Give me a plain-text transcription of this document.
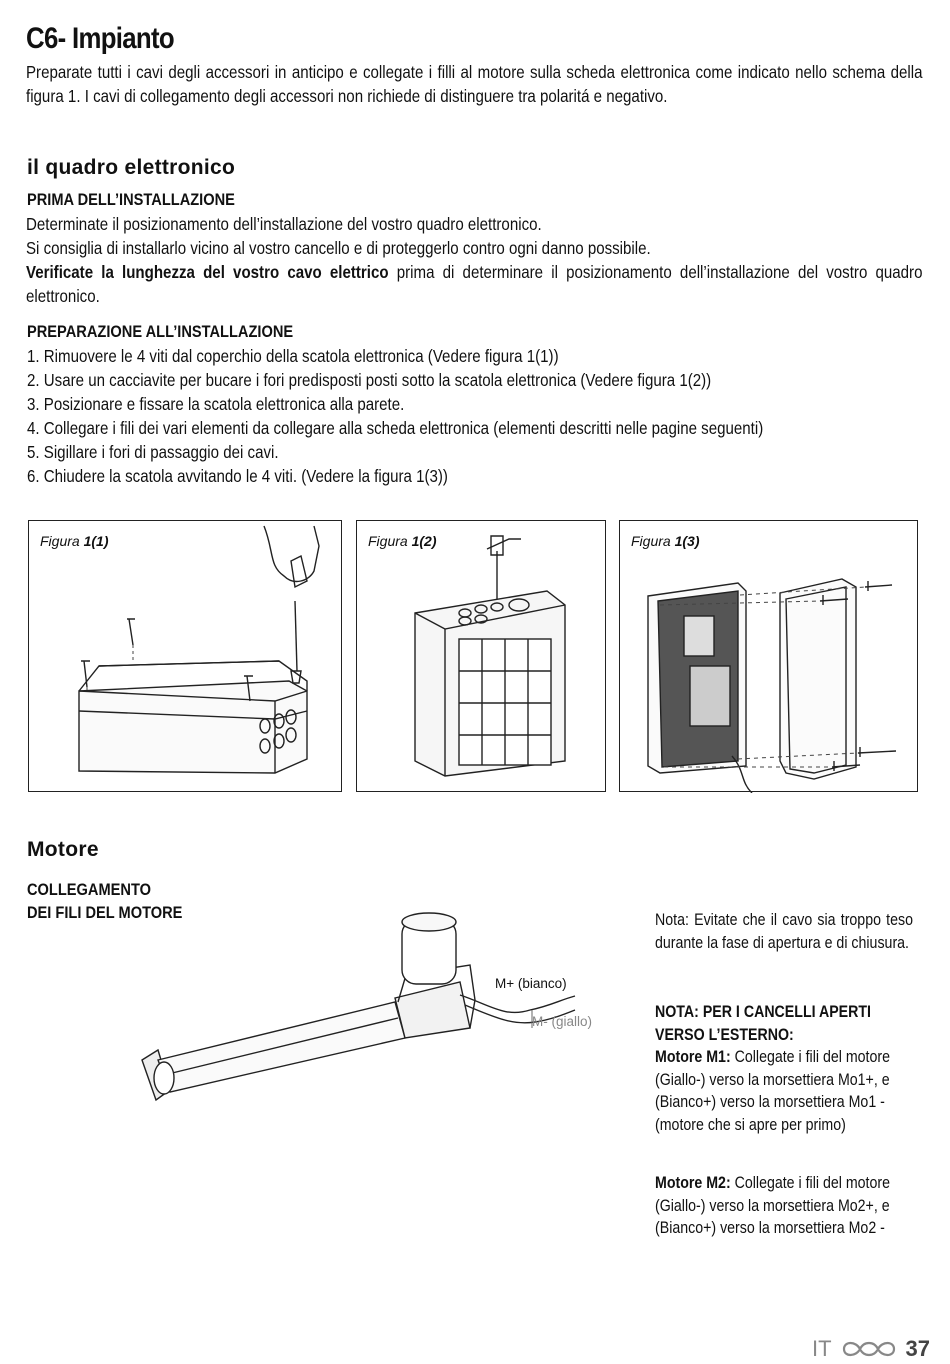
C6- Impianto

Preparate tutti i cavi degli accessori in anticipo e collegate i filli al motore sulla scheda elettronica come indicato nello schema della figura 1. I cavi di collegamento degli accessori non richiede di distinguere tra polaritá e negativo.

il quadro elettronico
PRIMA DELL’INSTALLAZIONE

Determinate il posizionamento dell’installazione del vostro quadro elettronico.
Si consiglia di installarlo vicino al vostro cancello e di proteggerlo contro ogni danno possibile.
Verificate la lunghezza del vostro cavo elettrico prima di determinare il posizionamento dell’installazione del vostro quadro elettronico.

PREPARAZIONE ALL’INSTALLAZIONE
1. Rimuovere le 4 viti dal coperchio della scatola elettronica (Vedere figura 1(1))
2. Usare un cacciavite per bucare i fori predisposti posti sotto la scatola elettronica (Vedere figura 1(2))
3. Posizionare e fissare la scatola elettronica alla parete.
4. Collegare i fili dei vari elementi da collegare alla scheda elettronica (elementi descritti nelle pagine seguenti)
5. Sigillare i fori di passaggio dei cavi.
6. Chiudere la scatola avvitando le 4 viti. (Vedere la figura 1(3))
Figura 1(1)	Figura 1(2)	Figura 1(3)
Motore
COLLEGAMENTO
DEI FILI DEL MOTORE
M+ (bianco)
M- (giallo)

Nota: Evitate che il cavo sia troppo teso durante la fase di apertura e di chiusura.

NOTA: PER I CANCELLI APERTI
VERSO L’ESTERNO:
Motore M1: Collegate i fili del motore (Giallo-) verso la morsettiera Mo1+, e (Bianco+) verso la morsettiera Mo1 - (motore che si apre per primo)

Motore M2: Collegate i fili del motore (Giallo-) verso la morsettiera Mo2+, e (Bianco+) verso la morsettiera Mo2 -

IT	37
